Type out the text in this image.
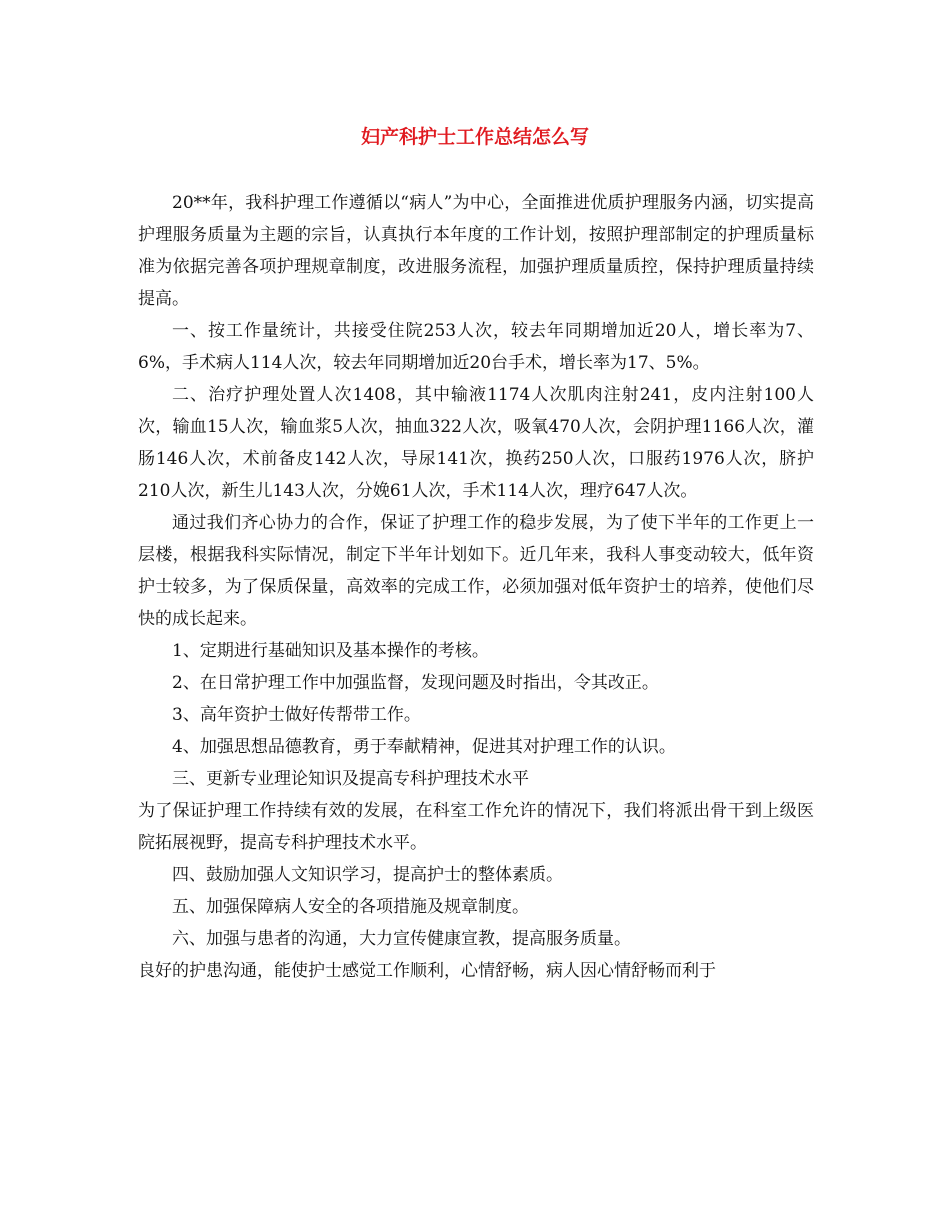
妇产科护士工作总结怎么写

20**年，我科护理工作遵循以“病人”为中心，全面推进优质护理服务内涵，切实提高护理服务质量为主题的宗旨，认真执行本年度的工作计划，按照护理部制定的护理质量标准为依据完善各项护理规章制度，改进服务流程，加强护理质量质控，保持护理质量持续提高。

一、按工作量统计，共接受住院253人次，较去年同期增加近20人，增长率为7、6%，手术病人114人次，较去年同期增加近20台手术，增长率为17、5%。

二、治疗护理处置人次1408，其中输液1174人次肌肉注射241，皮内注射100人次，输血15人次，输血浆5人次，抽血322人次，吸氧470人次，会阴护理1166人次，灌肠146人次，术前备皮142人次，导尿141次，换药250人次，口服药1976人次，脐护210人次，新生儿143人次，分娩61人次，手术114人次，理疗647人次。

通过我们齐心协力的合作，保证了护理工作的稳步发展，为了使下半年的工作更上一层楼，根据我科实际情况，制定下半年计划如下。近几年来，我科人事变动较大，低年资护士较多，为了保质保量，高效率的完成工作，必须加强对低年资护士的培养，使他们尽快的成长起来。

1、定期进行基础知识及基本操作的考核。

2、在日常护理工作中加强监督，发现问题及时指出，令其改正。

3、高年资护士做好传帮带工作。

4、加强思想品德教育，勇于奉献精神，促进其对护理工作的认识。

三、更新专业理论知识及提高专科护理技术水平

为了保证护理工作持续有效的发展，在科室工作允许的情况下，我们将派出骨干到上级医院拓展视野，提高专科护理技术水平。

四、鼓励加强人文知识学习，提高护士的整体素质。

五、加强保障病人安全的各项措施及规章制度。

六、加强与患者的沟通，大力宣传健康宣教，提高服务质量。

良好的护患沟通，能使护士感觉工作顺利，心情舒畅，病人因心情舒畅而利于
